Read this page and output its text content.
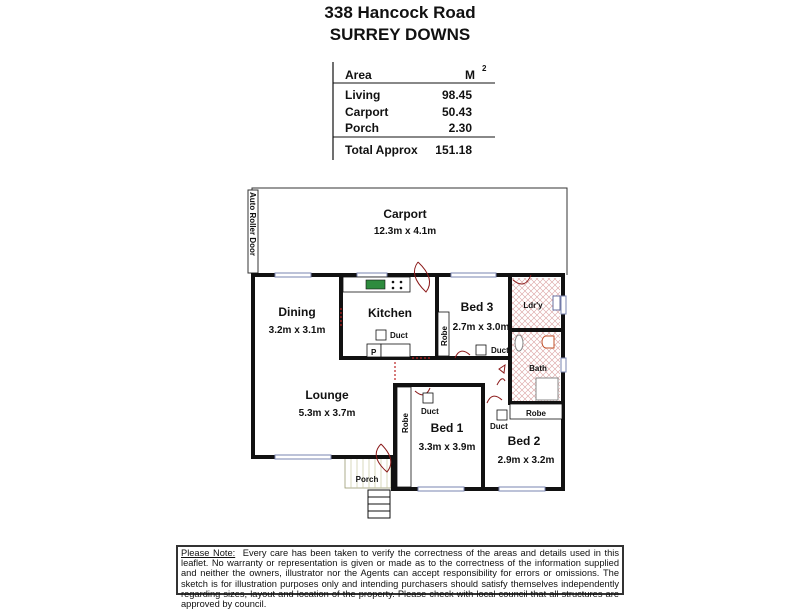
338 Hancock Road
SURREY DOWNS
Area	M 2
Living	98.45
Carport	50.43
Porch	2.30
Total Approx 151.18
Auto Roller Door	Carport
12.3m x 4.1m
P
Dining
3.2m x 3.1m
Kitchen
Duct
Bed 3
2.7m x 3.0m
Robe
Duct
Ldr'y
Bath
Lounge
5.3m x 3.7m	Robe
Duct
Bed 1
3.3m x 3.9m
Robe
Duct
Bed 2
2.9m x 3.2m
Porch
Please Note: Every care has been taken to verify the correctness of the areas and details used in this leaflet. No warranty or representation is given or made as to the correctness of the information supplied and neither the owners, illustrator nor the Agents can accept responsibility for errors or omissions. The sketch is for illustration purposes only and intending purchasers should satisfy themselves independently regarding sizes, layout and location of the property. Please check with local council that all structures are approved by council.
